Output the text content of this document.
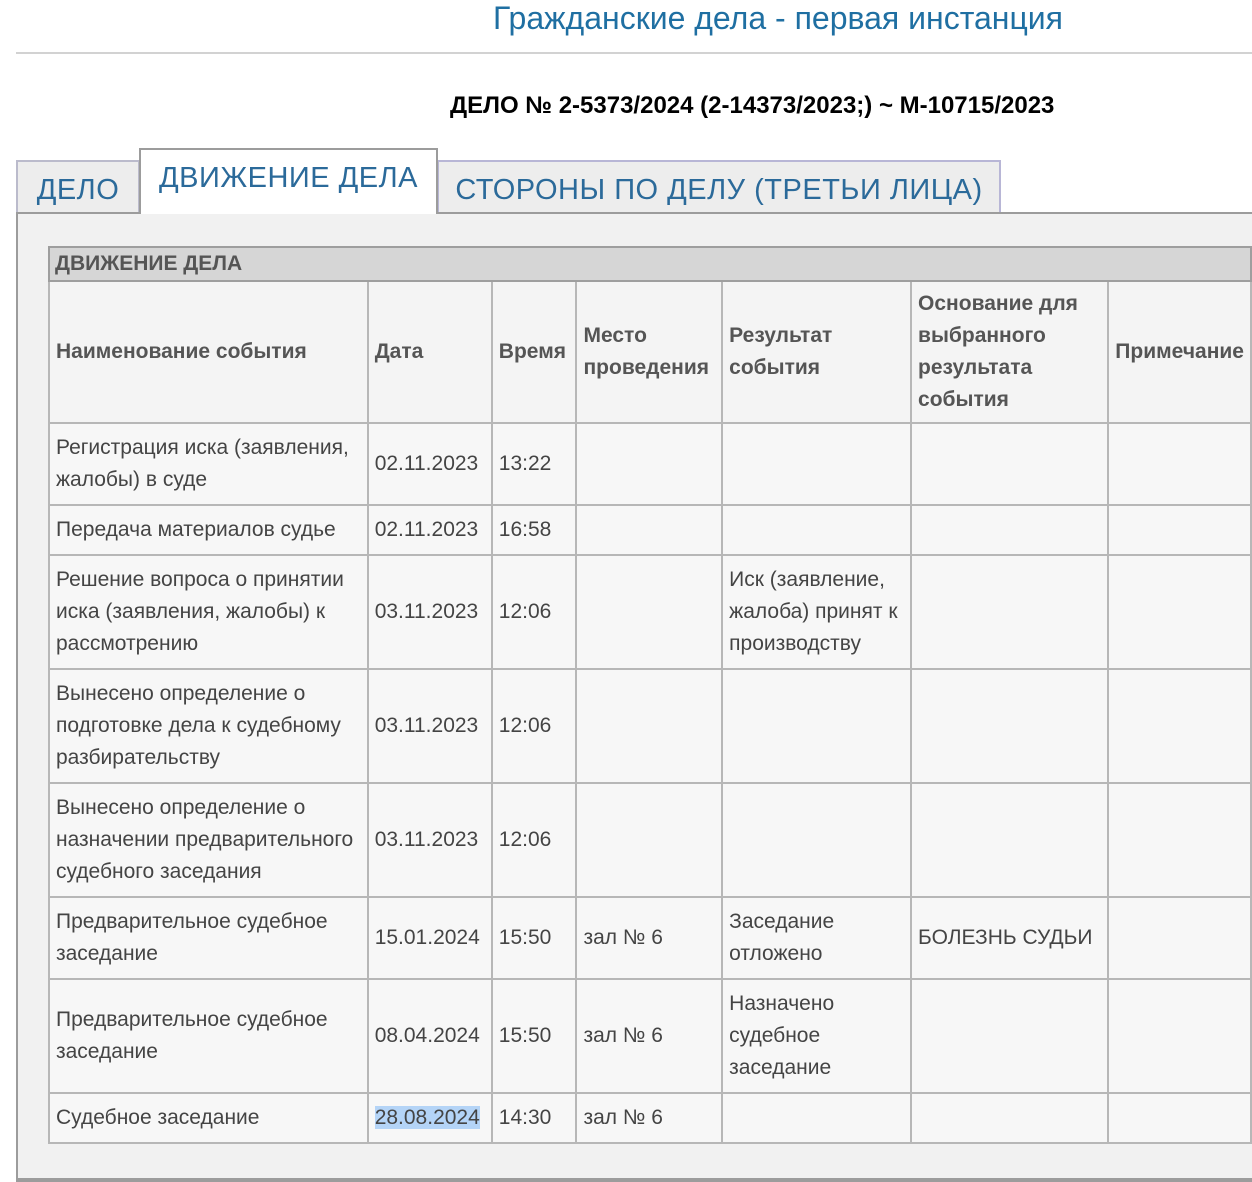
Гражданские дела - первая инстанция
ДЕЛО № 2-5373/2024 (2-14373/2023;) ~ М-10715/2023
ДЕЛО	ДВИЖЕНИЕ ДЕЛА	СТОРОНЫ ПО ДЕЛУ (ТРЕТЬИ ЛИЦА)
ДВИЖЕНИЕ ДЕЛА						
Наименование события	Дата	Время	Место проведения	Результат события	Основание для выбранного результата события	Примечание
Регистрация иска (заявления, жалобы) в суде	02.11.2023	13:22				
Передача материалов судье	02.11.2023	16:58				
Решение вопроса о принятии иска (заявления, жалобы) к рассмотрению	03.11.2023	12:06		Иск (заявление, жалоба) принят к производству		
Вынесено определение о подготовке дела к судебному разбирательству	03.11.2023	12:06				
Вынесено определение о назначении предварительного судебного заседания	03.11.2023	12:06				
Предварительное судебное заседание	15.01.2024	15:50	зал № 6	Заседание отложено	БОЛЕЗНЬ СУДЬИ	
Предварительное судебное заседание	08.04.2024	15:50	зал № 6	Назначено судебное заседание		
Судебное заседание	28.08.2024	14:30	зал № 6			
